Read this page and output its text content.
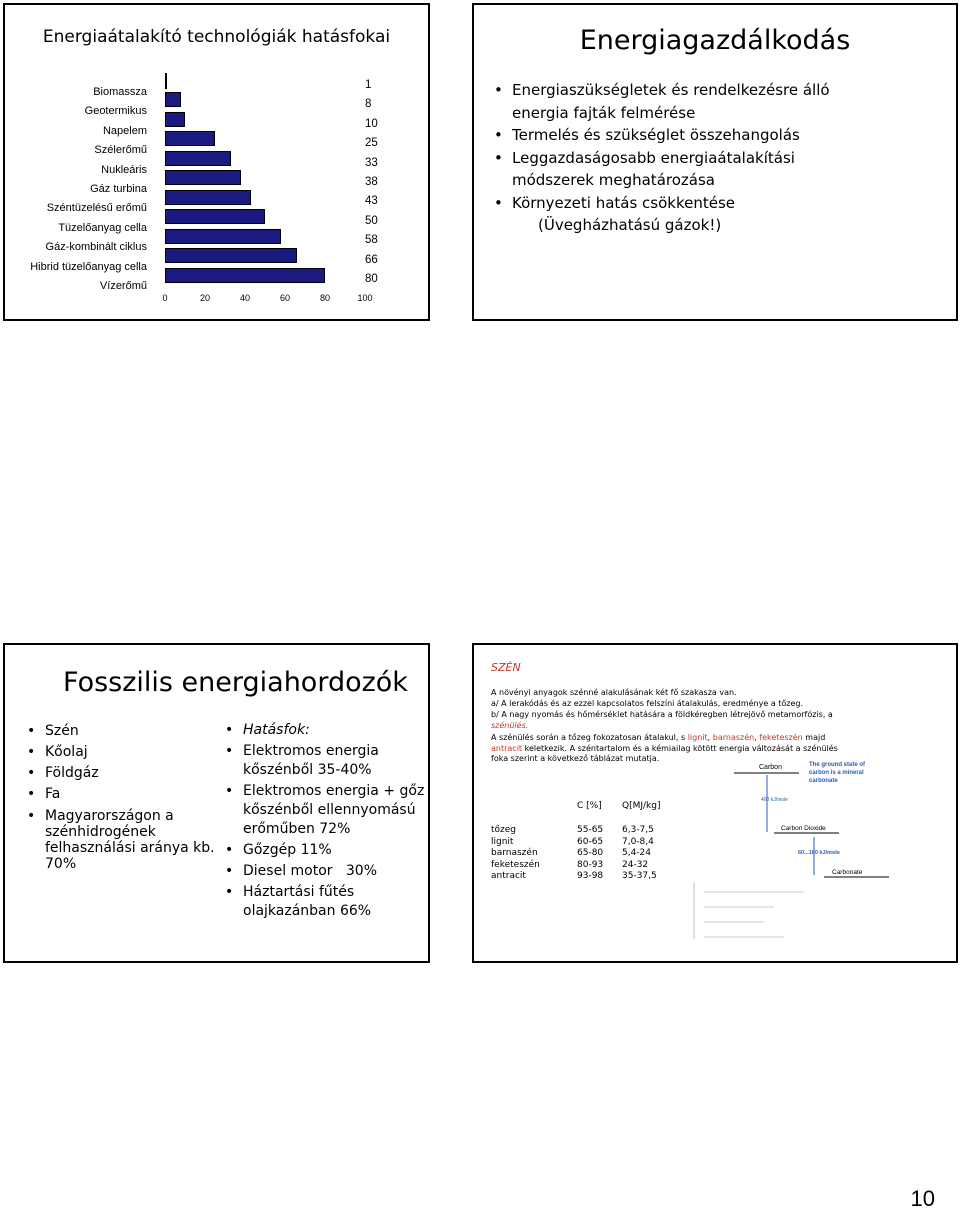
Energiaátalakító technológiák hatásfokai
Biomassza
1
Geotermikus
8
Napelem
10
Szélerőmű
25
Nukleáris
33
Gáz turbina
38
Széntüzelésű erőmű
43
Tüzelőanyag cella
50
Gáz-kombinált ciklus
58
Hibrid tüzelőanyag cella
66
Vízerőmű
80
0	20	40	60	80	100
Energiagazdálkodás
• Energiaszükségletek és rendelkezésre álló
energia fajták felmérése
• Termelés és szükséglet összehangolás
• Leggazdaságosabb energiaátalakítási
módszerek meghatározása
• Környezeti hatás csökkentése
(Üvegházhatású gázok!)
Fosszilis energiahordozók
• Szén
• Kőolaj
• Földgáz
• Fa
• Magyarországon a szénhidrogének felhasználási aránya kb. 70%
• Hatásfok:
• Elektromos energia kőszénből 35-40%
• Elektromos energia + gőz kőszénből ellennyomású erőműben 72%
• Gőzgép 11%
• Diesel motor   30%
• Háztartási fűtés olajkazánban 66%
SZÉN
A növényi anyagok szénné alakulásának két fő szakasza van.
a/ A lerakódás és az ezzel kapcsolatos felszíni átalakulás, eredménye a tőzeg.
b/ A nagy nyomás és hőmérséklet hatására a földkéregben létrejövő metamorfózis, a
szénülés.
A szénülés során a tőzeg fokozatosan átalakul, s lignit, barnaszén, feketeszén majd
antracit keletkezik. A széntartalom és a kémiailag kötött energia változását a szénülés
foka szerint a következő táblázat mutatja.
C [%] Q[MJ/kg]
tőzeg	55-65 6,3-7,5
lignit	60-65 7,0-8,4
barnaszén	65-80 5,4-24
feketeszén	80-93 24-32
antracit	93-98 35-37,5
Carbon	The ground state of
carbon is a mineral
carbonate
400 kJ/mole
Carbon Dioxide
60...180 kJ/mole
Carbonate
10
